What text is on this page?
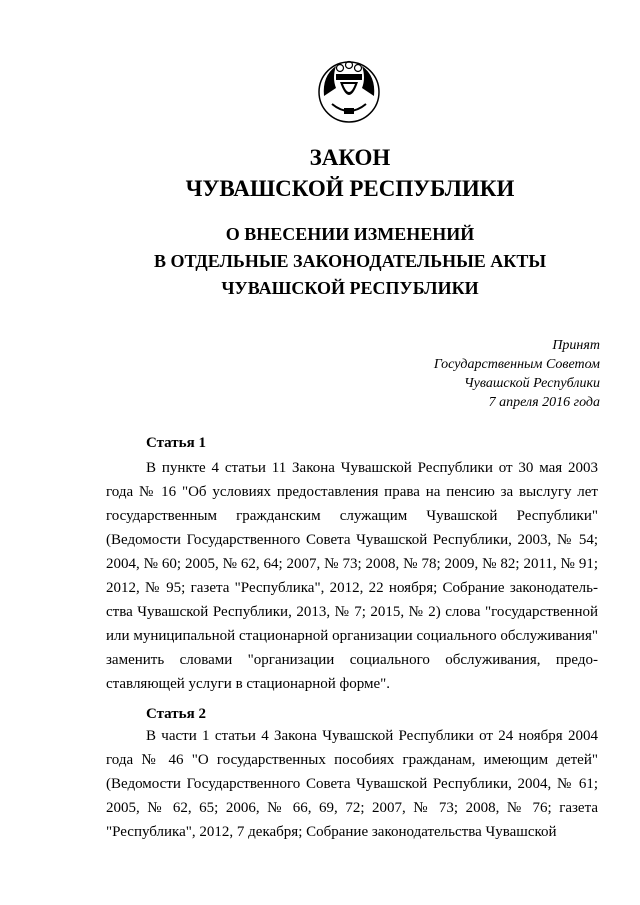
ЗАКОН
ЧУВАШСКОЙ РЕСПУБЛИКИ
О ВНЕСЕНИИ ИЗМЕНЕНИЙ
В ОТДЕЛЬНЫЕ ЗАКОНОДАТЕЛЬНЫЕ АКТЫ
ЧУВАШСКОЙ РЕСПУБЛИКИ
Принят
Государственным Советом
Чувашской Республики
7 апреля 2016 года
Статья 1

В пункте 4 статьи 11 Закона Чувашской Республики от 30 мая 2003 года № 16 "Об условиях предоставления права на пенсию за выслугу лет государственным гражданским служащим Чувашской Республики" (Ведомости Государственного Совета Чувашской Республики, 2003, № 54; 2004, № 60; 2005, № 62, 64; 2007, № 73; 2008, № 78; 2009, № 82; 2011, № 91; 2012, № 95; газета "Республика", 2012, 22 ноября; Собрание законодательства Чувашской Республики, 2013, № 7; 2015, № 2) слова "государственной или муниципальной стационарной организации социального обслуживания" заменить словами "организации социального обслуживания, предоставляющей услуги в стационарной форме".

Статья 2

В части 1 статьи 4 Закона Чувашской Республики от 24 ноября 2004 года № 46 "О государственных пособиях гражданам, имеющим детей" (Ведомости Государственного Совета Чувашской Республики, 2004, № 61; 2005, № 62, 65; 2006, № 66, 69, 72; 2007, № 73; 2008, № 76; газета "Республика", 2012, 7 декабря; Собрание законодательства Чувашской
